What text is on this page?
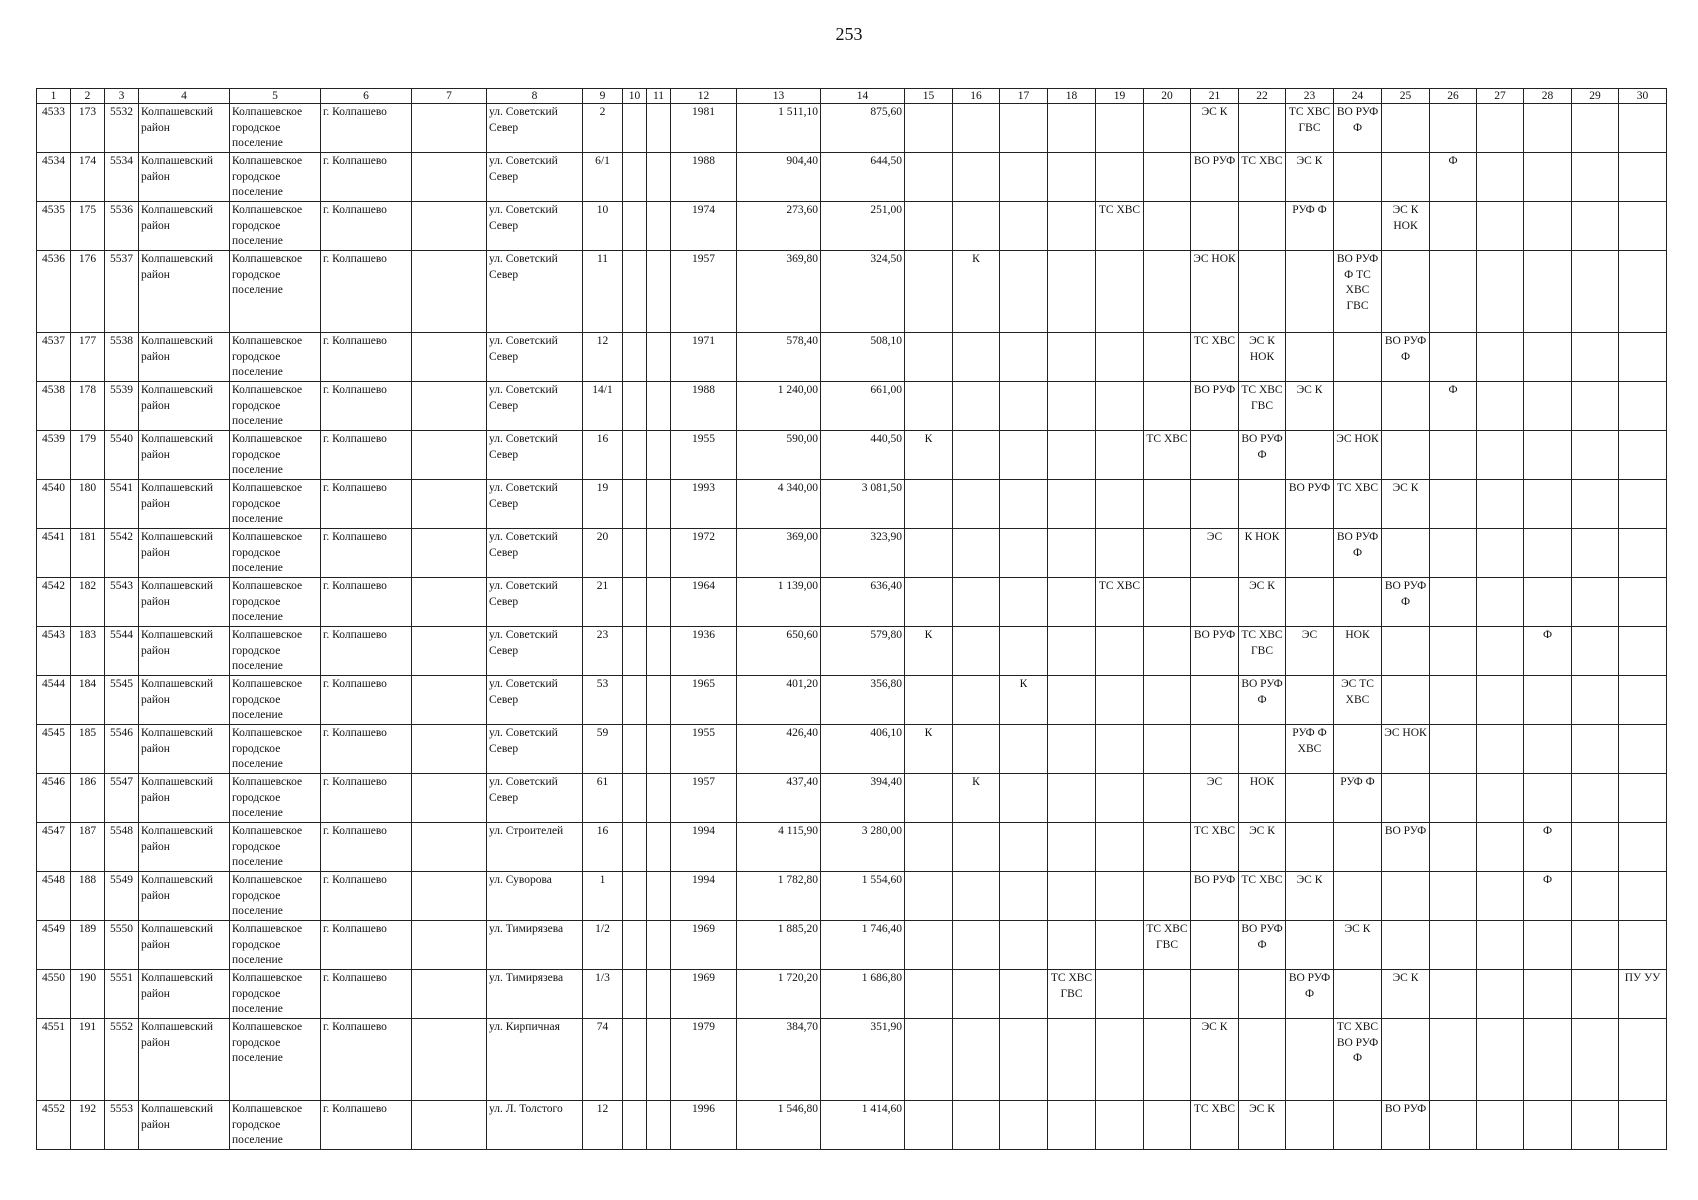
253
1	2	3	4	5	6	7	8	9	10	11	12	13	14	15	16	17	18	19	20	21	22	23	24	25	26	27	28	29	30
4533	173	5532	Колпашевский район	Колпашевское городское поселение	г. Колпашево		ул. Советский Север	2			1981	1 511,10	875,60							ЭС К		ТС ХВС ГВС	ВО РУФ Ф						
4534	174	5534	Колпашевский район	Колпашевское городское поселение	г. Колпашево		ул. Советский Север	6/1			1988	904,40	644,50							ВО РУФ	ТС ХВС	ЭС К			Ф				
4535	175	5536	Колпашевский район	Колпашевское городское поселение	г. Колпашево		ул. Советский Север	10			1974	273,60	251,00					ТС ХВС				РУФ Ф		ЭС К НОК					
4536	176	5537	Колпашевский район	Колпашевское городское поселение	г. Колпашево		ул. Советский Север	11			1957	369,80	324,50		К					ЭС НОК			ВО РУФ Ф ТС ХВС ГВС						
4537	177	5538	Колпашевский район	Колпашевское городское поселение	г. Колпашево		ул. Советский Север	12			1971	578,40	508,10							ТС ХВС	ЭС К НОК			ВО РУФ Ф					
4538	178	5539	Колпашевский район	Колпашевское городское поселение	г. Колпашево		ул. Советский Север	14/1			1988	1 240,00	661,00							ВО РУФ	ТС ХВС ГВС	ЭС К			Ф				
4539	179	5540	Колпашевский район	Колпашевское городское поселение	г. Колпашево		ул. Советский Север	16			1955	590,00	440,50	К					ТС ХВС		ВО РУФ Ф		ЭС НОК						
4540	180	5541	Колпашевский район	Колпашевское городское поселение	г. Колпашево		ул. Советский Север	19			1993	4 340,00	3 081,50									ВО РУФ	ТС ХВС	ЭС К					
4541	181	5542	Колпашевский район	Колпашевское городское поселение	г. Колпашево		ул. Советский Север	20			1972	369,00	323,90							ЭС	К НОК		ВО РУФ Ф						
4542	182	5543	Колпашевский район	Колпашевское городское поселение	г. Колпашево		ул. Советский Север	21			1964	1 139,00	636,40					ТС ХВС			ЭС К			ВО РУФ Ф					
4543	183	5544	Колпашевский район	Колпашевское городское поселение	г. Колпашево		ул. Советский Север	23			1936	650,60	579,80	К						ВО РУФ	ТС ХВС ГВС	ЭС	НОК				Ф		
4544	184	5545	Колпашевский район	Колпашевское городское поселение	г. Колпашево		ул. Советский Север	53			1965	401,20	356,80			К					ВО РУФ Ф		ЭС ТС ХВС						
4545	185	5546	Колпашевский район	Колпашевское городское поселение	г. Колпашево		ул. Советский Север	59			1955	426,40	406,10	К								РУФ Ф ХВС		ЭС НОК					
4546	186	5547	Колпашевский район	Колпашевское городское поселение	г. Колпашево		ул. Советский Север	61			1957	437,40	394,40		К					ЭС	НОК		РУФ Ф						
4547	187	5548	Колпашевский район	Колпашевское городское поселение	г. Колпашево		ул. Строителей	16			1994	4 115,90	3 280,00							ТС ХВС	ЭС К			ВО РУФ			Ф		
4548	188	5549	Колпашевский район	Колпашевское городское поселение	г. Колпашево		ул. Суворова	1			1994	1 782,80	1 554,60							ВО РУФ	ТС ХВС	ЭС К					Ф		
4549	189	5550	Колпашевский район	Колпашевское городское поселение	г. Колпашево		ул. Тимирязева	1/2			1969	1 885,20	1 746,40						ТС ХВС ГВС		ВО РУФ Ф		ЭС К						
4550	190	5551	Колпашевский район	Колпашевское городское поселение	г. Колпашево		ул. Тимирязева	1/3			1969	1 720,20	1 686,80				ТС ХВС ГВС					ВО РУФ Ф		ЭС К					ПУ УУ
4551	191	5552	Колпашевский район	Колпашевское городское поселение	г. Колпашево		ул. Кирпичная	74			1979	384,70	351,90							ЭС К			ТС ХВС ВО РУФ Ф						
4552	192	5553	Колпашевский район	Колпашевское городское поселение	г. Колпашево		ул. Л. Толстого	12			1996	1 546,80	1 414,60							ТС ХВС	ЭС К			ВО РУФ					
